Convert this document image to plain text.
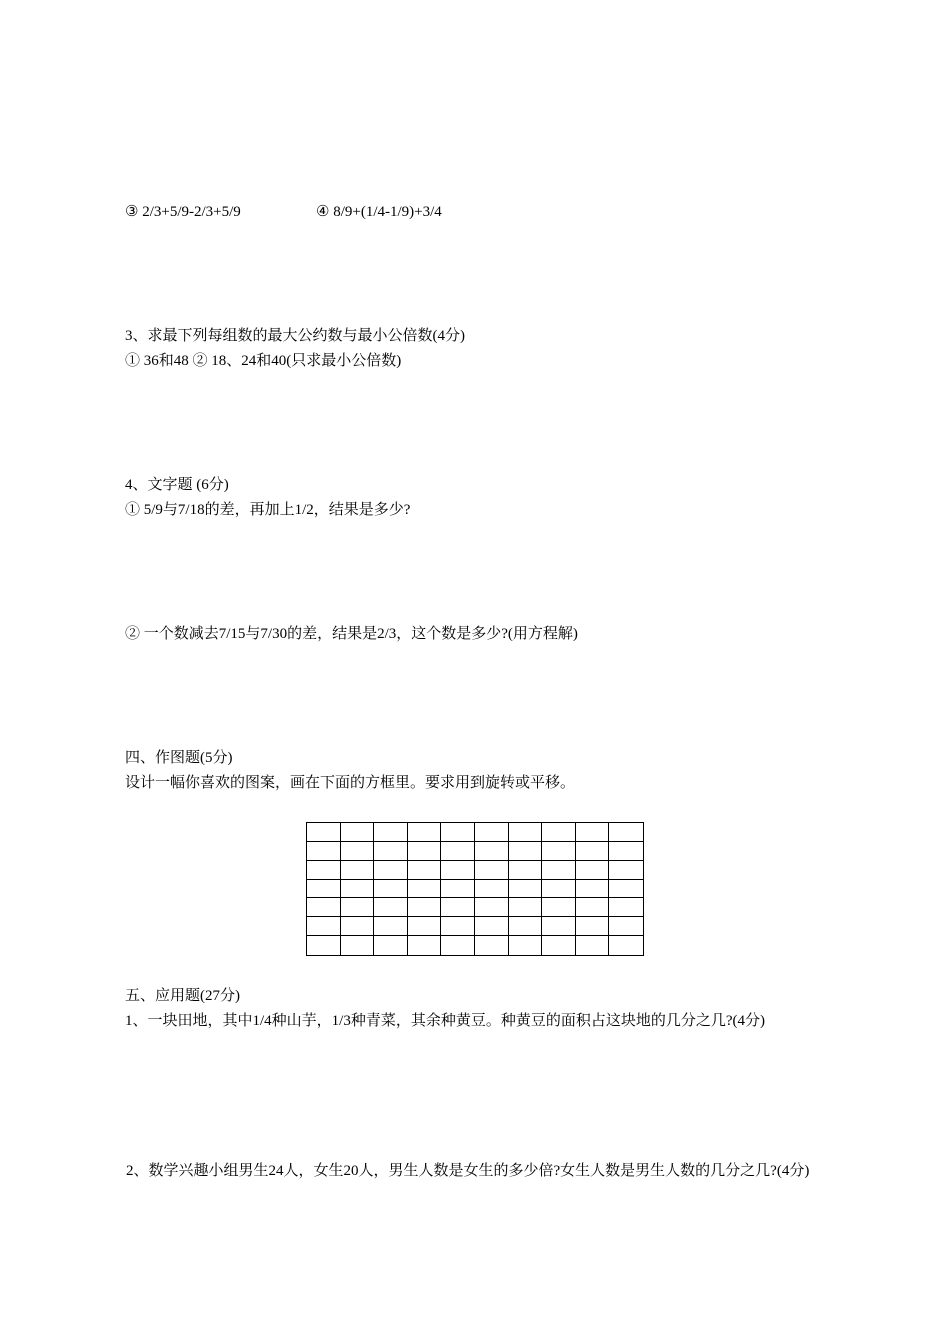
③ 2/3+5/9-2/3+5/9	④ 8/9+(1/4-1/9)+3/4
3、求最下列每组数的最大公约数与最小公倍数(4分)
① 36和48 ② 18、24和40(只求最小公倍数)
4、文字题 (6分)
① 5/9与7/18的差，再加上1/2，结果是多少?
② 一个数减去7/15与7/30的差，结果是2/3，这个数是多少?(用方程解)
四、作图题(5分)
设计一幅你喜欢的图案，画在下面的方框里。要求用到旋转或平移。
五、应用题(27分)
1、一块田地，其中1/4种山芋，1/3种青菜，其余种黄豆。种黄豆的面积占这块地的几分之几?(4分)
2、数学兴趣小组男生24人，女生20人，男生人数是女生的多少倍?女生人数是男生人数的几分之几?(4分)
